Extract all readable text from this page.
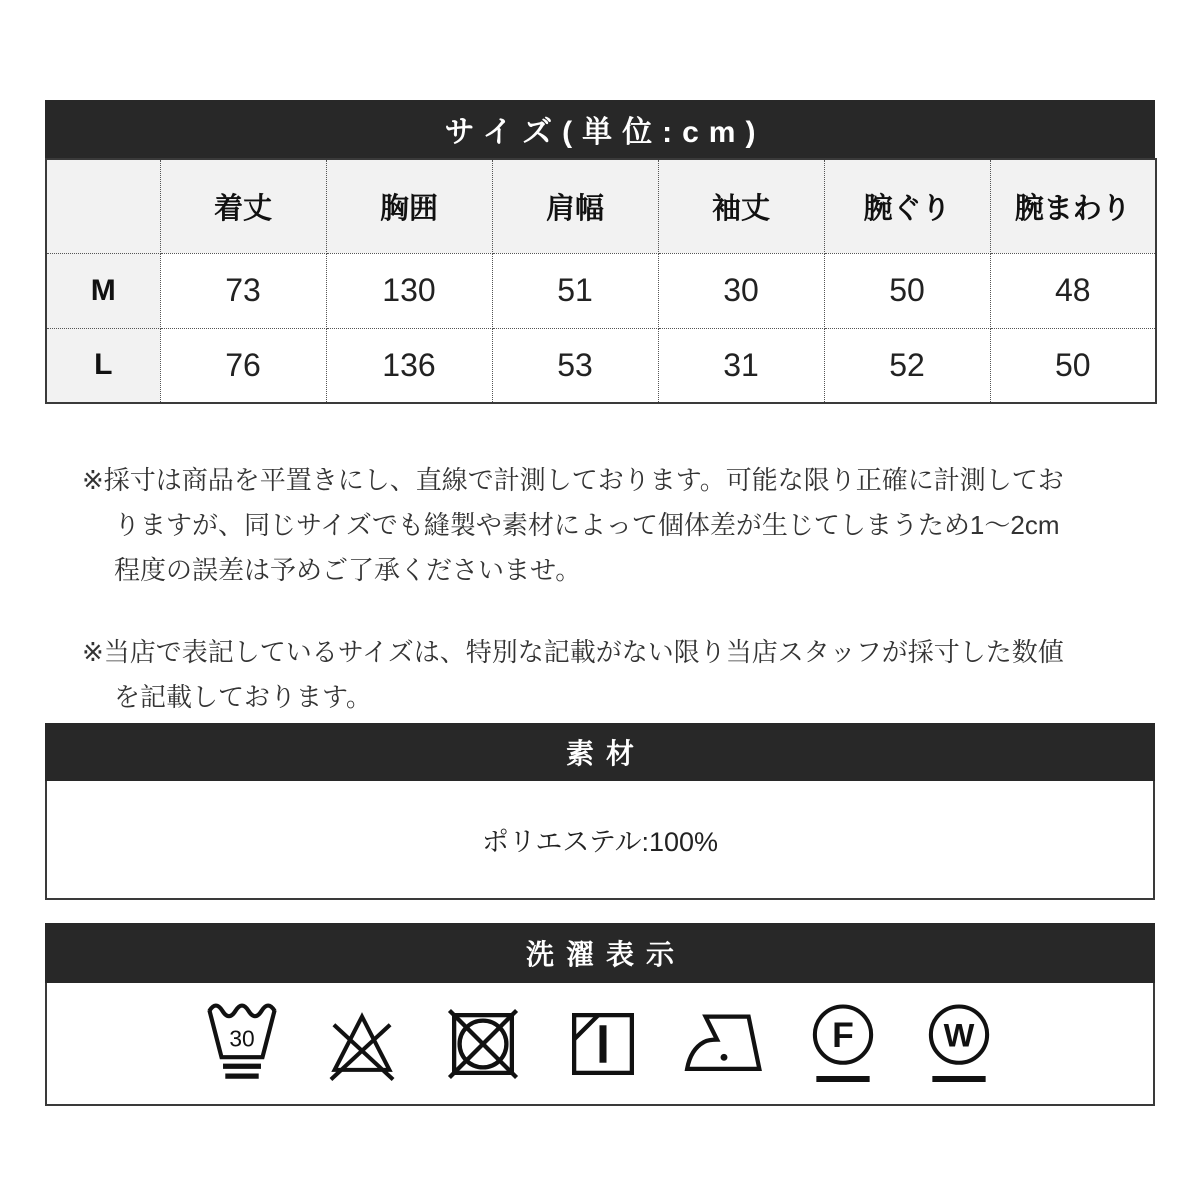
サイズ(単位:cm)
	着丈	胸囲	肩幅	袖丈	腕ぐり	腕まわり
M	73	130	51	30	50	48
L	76	136	53	31	52	50

※採寸は商品を平置きにし、直線で計測しております。可能な限り正確に計測しておりますが、同じサイズでも縫製や素材によって個体差が生じてしまうため1〜2cm程度の誤差は予めご了承くださいませ。

※当店で表記しているサイズは、特別な記載がない限り当店スタッフが採寸した数値を記載しております。

素材
ポリエステル:100%
洗濯表示
30	F W
